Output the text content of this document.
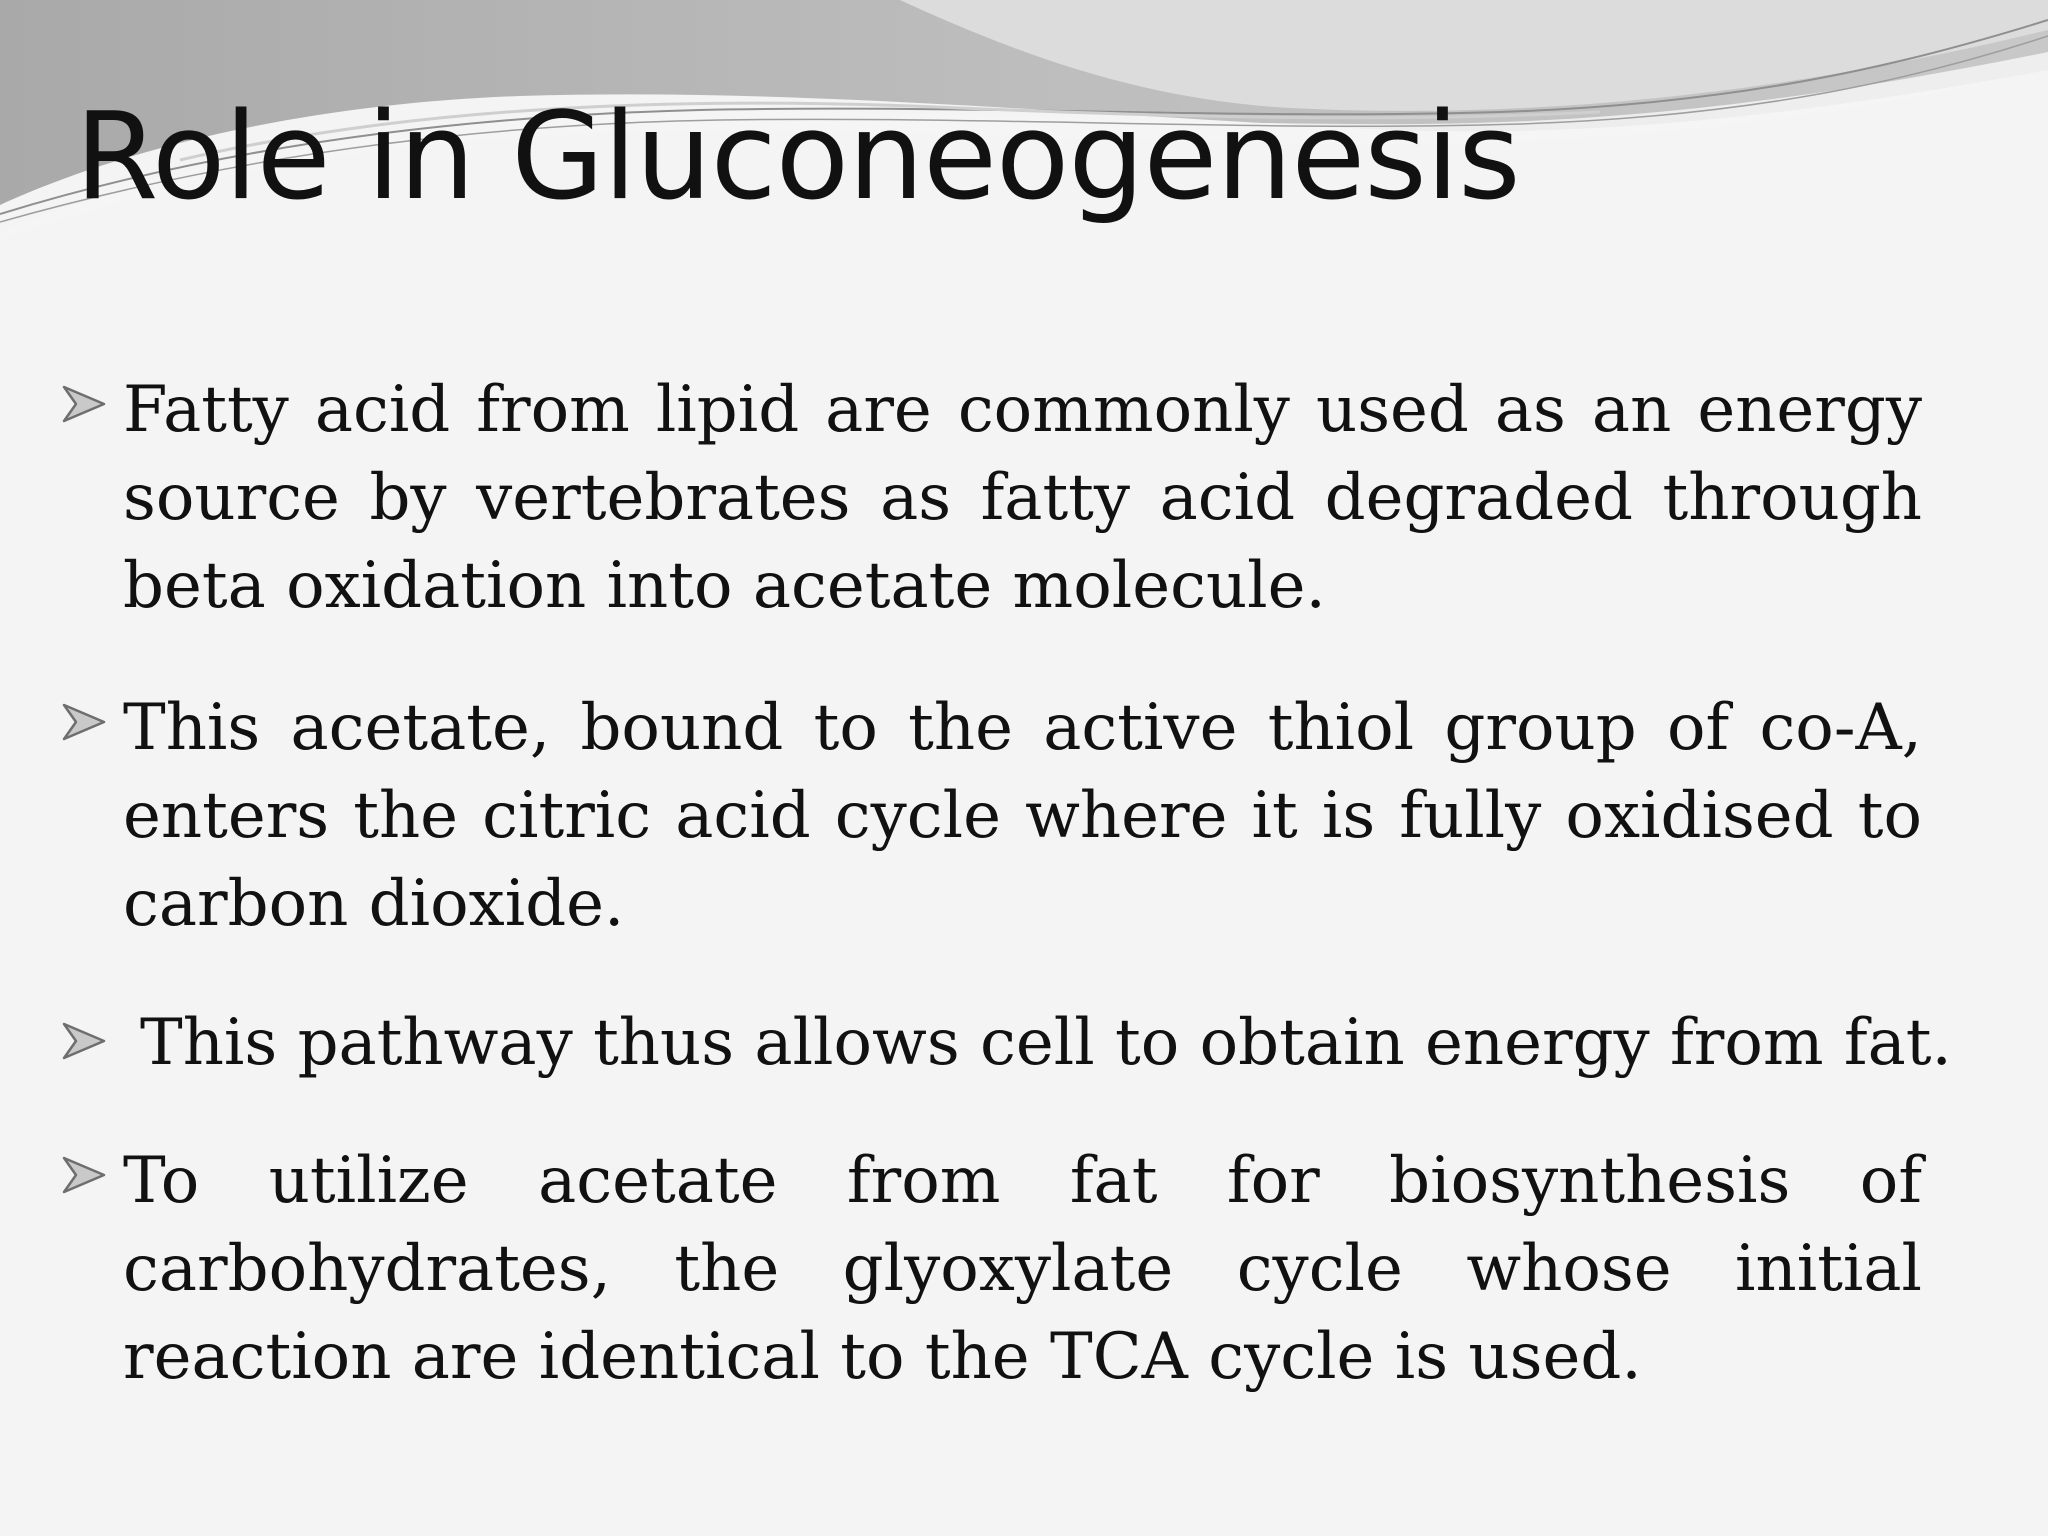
Role in Gluconeogenesis

Fatty acid from lipid are commonly used as an energy source by vertebrates as fatty acid degraded through beta oxidation into acetate molecule.

This acetate, bound to the active thiol group of co-A, enters the citric acid cycle where it is fully oxidised to carbon dioxide.

This pathway thus allows cell to obtain energy from fat.

To utilize acetate from fat for biosynthesis of carbohydrates, the glyoxylate cycle whose initial reaction are identical to the TCA cycle is used.
